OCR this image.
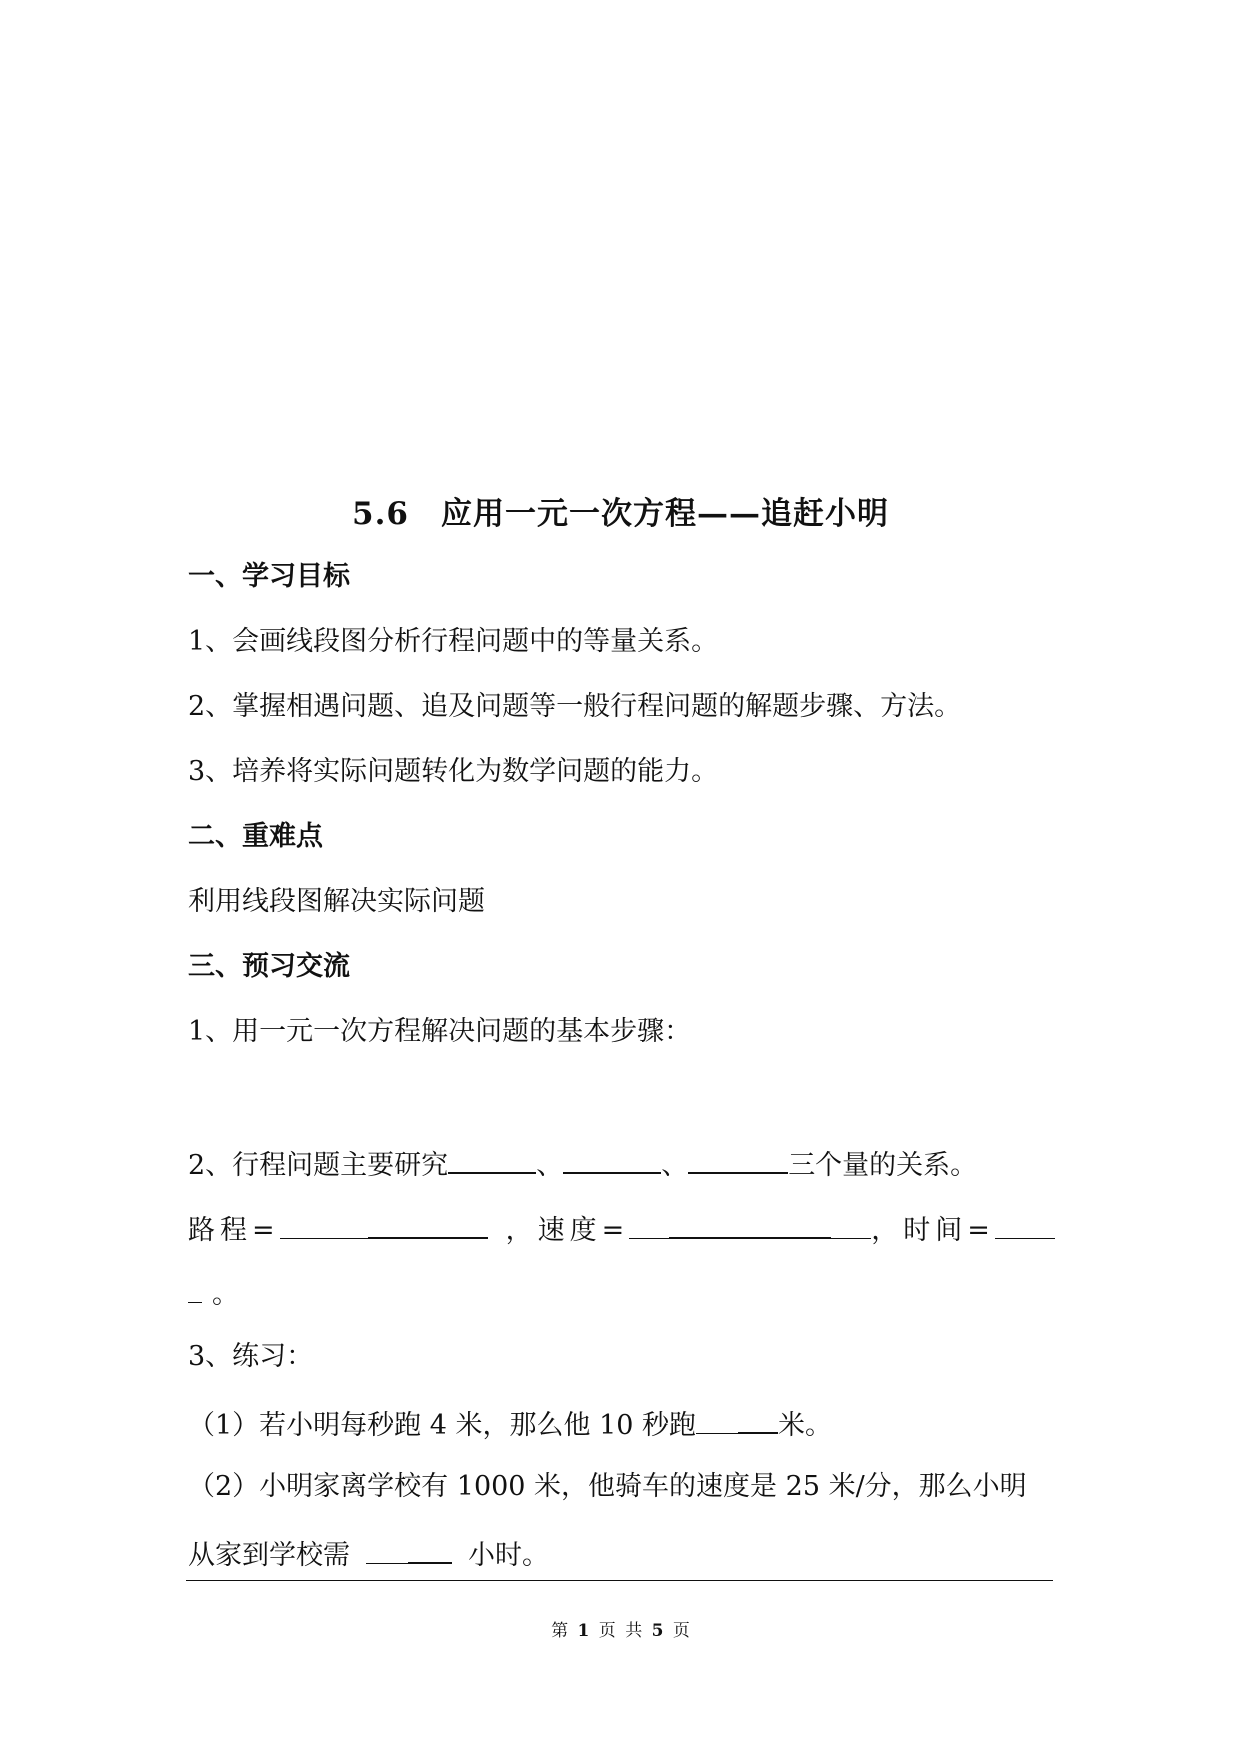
5.6　应用一元一次方程——追赶小明
一、学习目标
1、会画线段图分析行程问题中的等量关系。
2、掌握相遇问题、追及问题等一般行程问题的解题步骤、方法。
3、培养将实际问题转化为数学问题的能力。
二、重难点
利用线段图解决实际问题
三、预习交流
1、用一元一次方程解决问题的基本步骤：
2、行程问题主要研究	、	、	三个量的关系。
路程=	，速度=	，时间=
。
3、练习：
（1）若小明每秒跑 4 米，那么他 10 秒跑	米。
（2）小明家离学校有 1000 米，他骑车的速度是 25 米/分，那么小明
从家到学校需	小时。
第 1 页 共 5 页
